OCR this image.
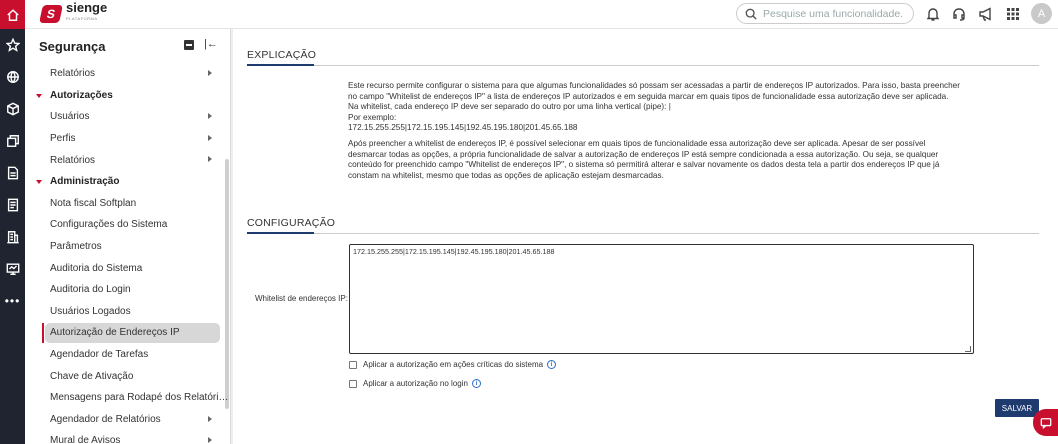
•••
S sienge
PLATAFORMA
Pesquise uma funcionalidade.	A
Segurança	|←
Relatórios
Autorizações
Usuários
Perfis
Relatórios
Administração
Nota fiscal Softplan
Configurações do Sistema
Parâmetros
Auditoria do Sistema
Auditoria do Login
Usuários Logados
Autorização de Endereços IP
Agendador de Tarefas
Chave de Ativação
Mensagens para Rodapé dos Relatóri…
Agendador de Relatórios
Mural de Avisos
EXPLICAÇÃO

Este recurso permite configurar o sistema para que algumas funcionalidades só possam ser acessadas a partir de endereços IP autorizados. Para isso, basta preencher no campo "Whitelist de endereços IP" a lista de endereços IP autorizados e em seguida marcar em quais tipos de funcionalidade essa autorização deve ser aplicada.

Na whitelist, cada endereço IP deve ser separado do outro por uma linha vertical (pipe): |

Por exemplo:

172.15.255.255|172.15.195.145|192.45.195.180|201.45.65.188

Após preencher a whitelist de endereços IP, é possível selecionar em quais tipos de funcionalidade essa autorização deve ser aplicada. Apesar de ser possível desmarcar todas as opções, a própria funcionalidade de salvar a autorização de endereços IP está sempre condicionada a essa autorização. Ou seja, se qualquer conteúdo for preenchido campo "Whitelist de endereços IP", o sistema só permitirá alterar e salvar novamente os dados desta tela a partir dos endereços IP que já constam na whitelist, mesmo que todas as opções de aplicação estejam desmarcadas.

CONFIGURAÇÃO
Whitelist de endereços IP:
172.15.255.255|172.15.195.145|192.45.195.180|201.45.65.188
Aplicar a autorização em ações críticas do sistema	i
Aplicar a autorização no login	i
SALVAR
